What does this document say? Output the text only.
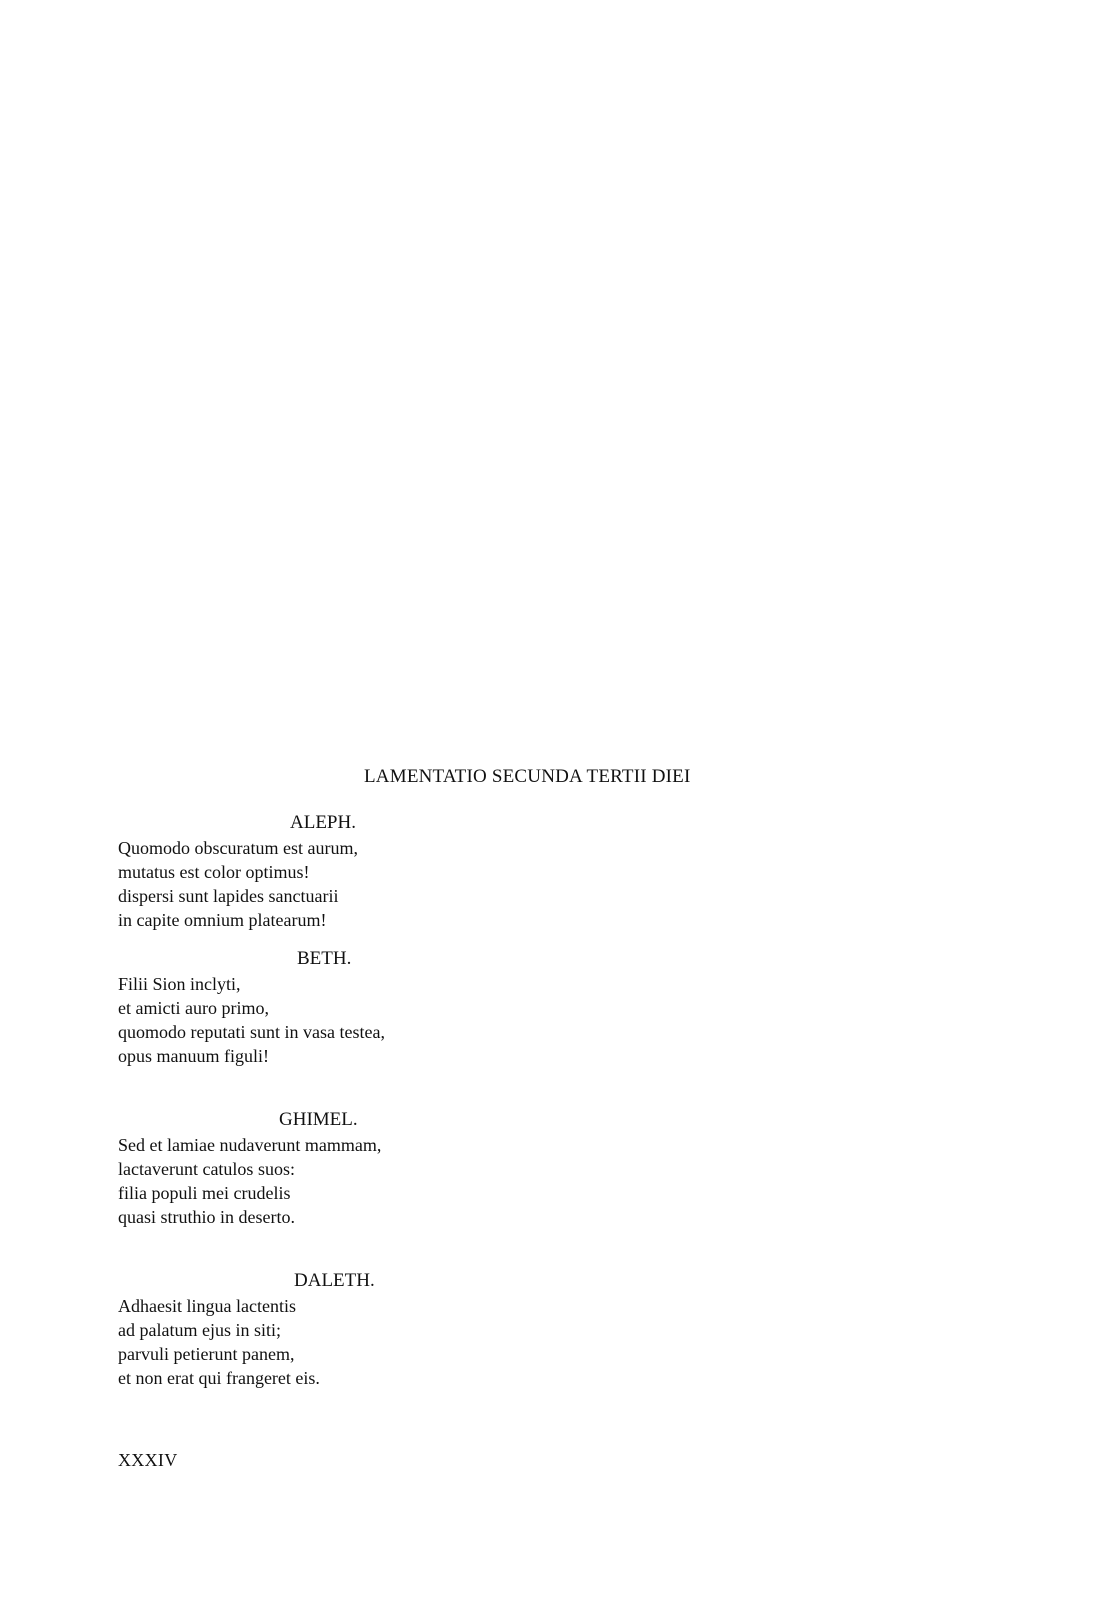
LAMENTATIO SECUNDA TERTII DIEI
ALEPH.
Quomodo obscuratum est aurum,
mutatus est color optimus!
dispersi sunt lapides sanctuarii
in capite omnium platearum!
BETH.
Filii Sion inclyti,
et amicti auro primo,
quomodo reputati sunt in vasa testea,
opus manuum figuli!
GHIMEL.
Sed et lamiae nudaverunt mammam,
lactaverunt catulos suos:
filia populi mei crudelis
quasi struthio in deserto.
DALETH.
Adhaesit lingua lactentis
ad palatum ejus in siti;
parvuli petierunt panem,
et non erat qui frangeret eis.
XXXIV
